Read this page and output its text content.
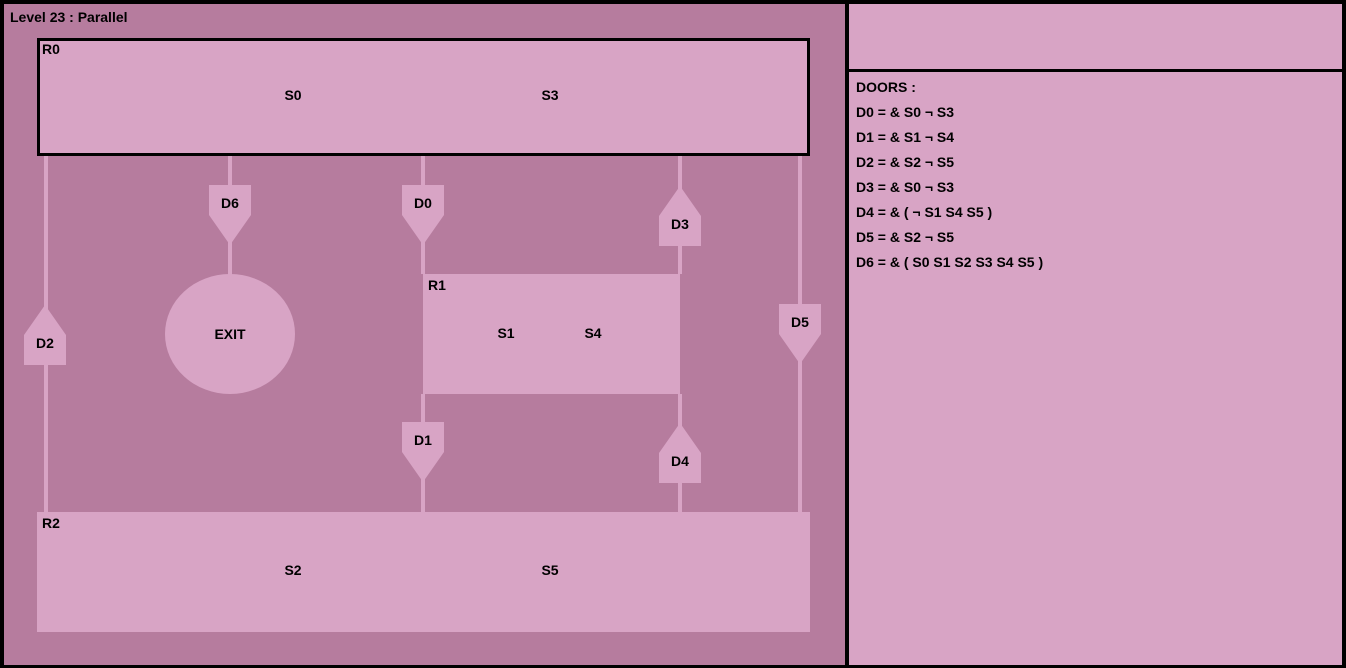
Level 23 : Parallel
R0
S0	S3
R1
S1	S4
R2
S2	S5
EXIT
D6	D0
D1
D5
D2
D3
D4
DOORS :
D0 = & S0 ¬ S3
D1 = & S1 ¬ S4
D2 = & S2 ¬ S5
D3 = & S0 ¬ S3
D4 = & ( ¬ S1 S4 S5 )
D5 = & S2 ¬ S5
D6 = & ( S0 S1 S2 S3 S4 S5 )
